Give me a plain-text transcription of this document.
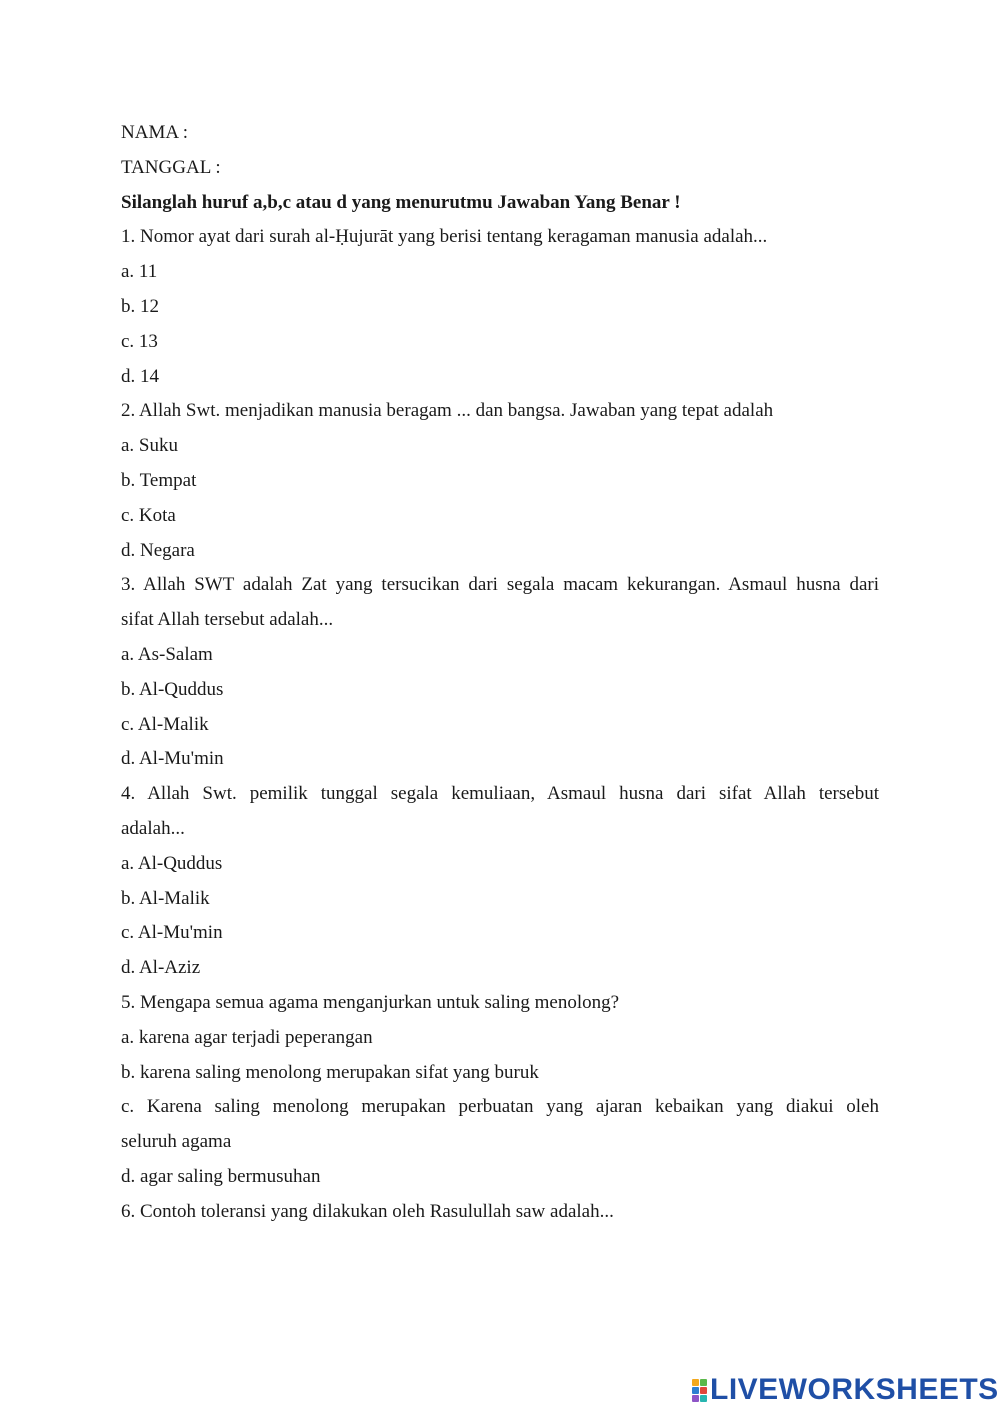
NAMA :

TANGGAL :

Silanglah huruf a,b,c atau d yang menurutmu Jawaban Yang Benar !

1. Nomor ayat dari surah al-Ḥujurāt yang berisi tentang keragaman manusia adalah...

a. 11

b. 12

c. 13

d. 14

2. Allah Swt. menjadikan manusia beragam ... dan bangsa. Jawaban yang tepat adalah

a. Suku

b. Tempat

c. Kota

d. Negara

3. Allah SWT adalah Zat yang tersucikan dari segala macam kekurangan. Asmaul husna dari

sifat Allah tersebut adalah...

a. As-Salam

b. Al-Quddus

c. Al-Malik

d. Al-Mu'min

4. Allah Swt. pemilik tunggal segala kemuliaan, Asmaul husna dari sifat Allah tersebut

adalah...

a. Al-Quddus

b. Al-Malik

c. Al-Mu'min

d. Al-Aziz

5. Mengapa semua agama menganjurkan untuk saling menolong?

a. karena agar terjadi peperangan

b. karena saling menolong merupakan sifat yang buruk

c. Karena saling menolong merupakan perbuatan yang ajaran kebaikan yang diakui oleh

seluruh agama

d. agar saling bermusuhan

6. Contoh toleransi yang dilakukan oleh Rasulullah saw adalah...

LIVEWORKSHEETS
